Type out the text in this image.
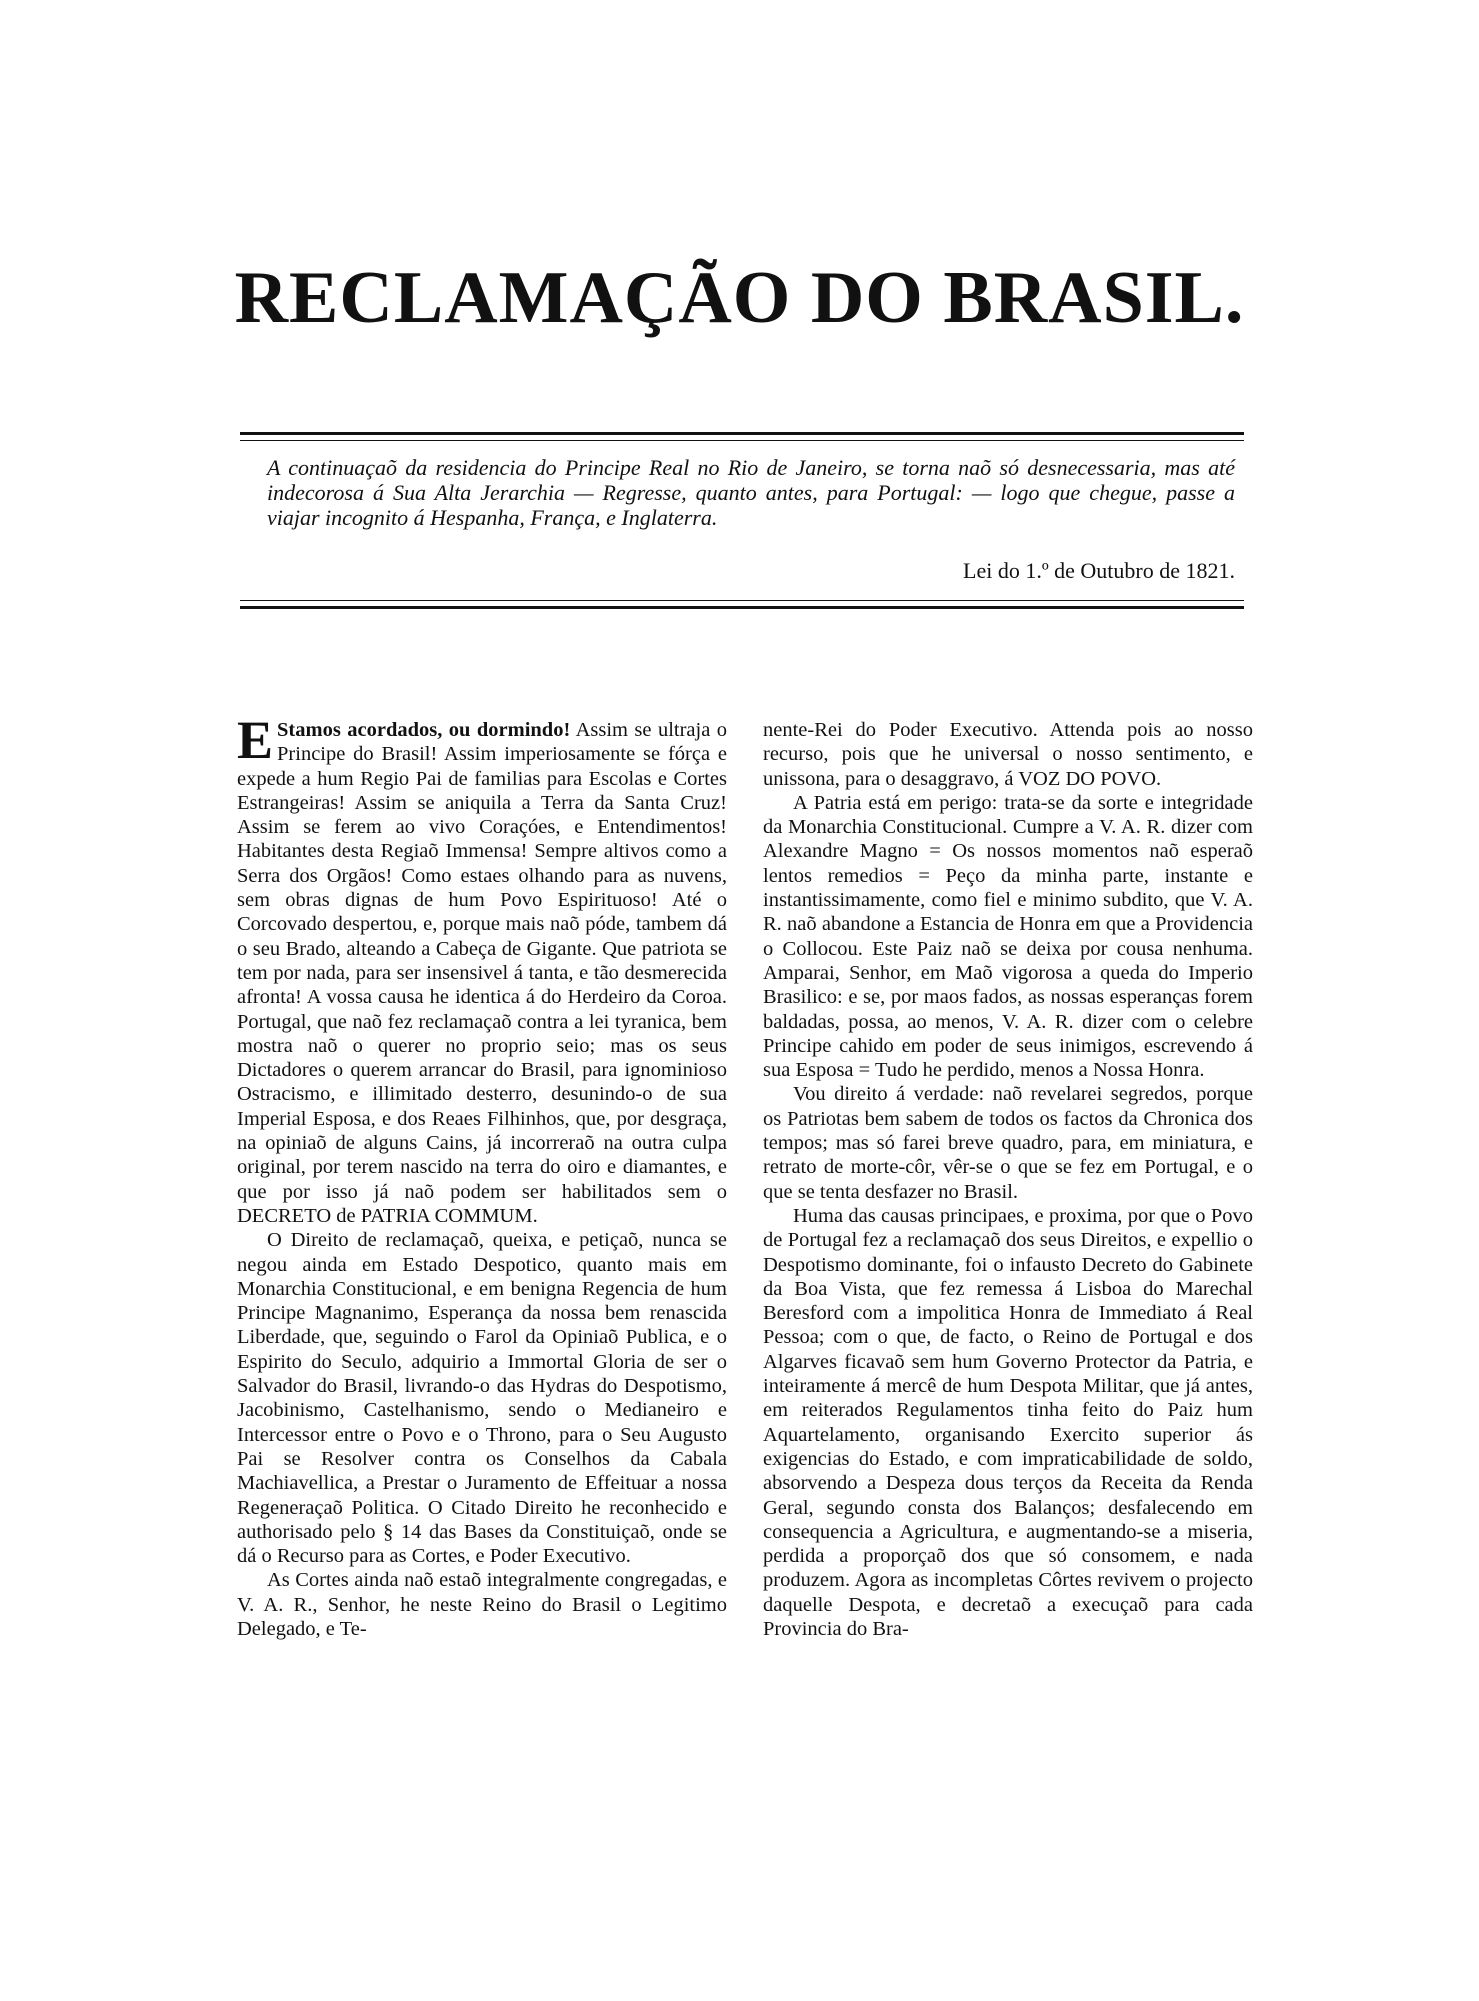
RECLAMAÇÃO DO BRASIL.

A continuaçaõ da residencia do Principe Real no Rio de Janeiro, se torna naõ só desnecessaria, mas até indecorosa á Sua Alta Jerarchia — Regresse, quanto antes, para Portugal: — logo que chegue, passe a viajar incognito á Hespanha, França, e Inglaterra.

Lei do 1.º de Outubro de 1821.

E Stamos acordados, ou dormindo! Assim se ultraja o Principe do Brasil! Assim imperiosamente se fórça e expede a hum Regio Pai de familias para Escolas e Cortes Estrangeiras! Assim se aniquila a Terra da Santa Cruz! Assim se ferem ao vivo Coraçóes, e Entendimentos! Habitantes desta Regiaõ Immensa! Sempre altivos como a Serra dos Orgãos! Como estaes olhando para as nuvens, sem obras dignas de hum Povo Espirituoso! Até o Corcovado despertou, e, porque mais naõ póde, tambem dá o seu Brado, alteando a Cabeça de Gigante. Que patriota se tem por nada, para ser insensivel á tanta, e tão desmerecida afronta! A vossa causa he identica á do Herdeiro da Coroa. Portugal, que naõ fez reclamaçaõ contra a lei tyranica, bem mostra naõ o querer no proprio seio; mas os seus Dictadores o querem arrancar do Brasil, para ignominioso Ostracismo, e illimitado desterro, desunindo-o de sua Imperial Esposa, e dos Reaes Filhinhos, que, por desgraça, na opiniaõ de alguns Cains, já incorreraõ na outra culpa original, por terem nascido na terra do oiro e diamantes, e que por isso já naõ podem ser habilitados sem o DECRETO de PATRIA COMMUM.

O Direito de reclamaçaõ, queixa, e petiçaõ, nunca se negou ainda em Estado Despotico, quanto mais em Monarchia Constitucional, e em benigna Regencia de hum Principe Magnanimo, Esperança da nossa bem renascida Liberdade, que, seguindo o Farol da Opiniaõ Publica, e o Espirito do Seculo, adquirio a Immortal Gloria de ser o Salvador do Brasil, livrando-o das Hydras do Despotismo, Jacobinismo, Castelhanismo, sendo o Medianeiro e Intercessor entre o Povo e o Throno, para o Seu Augusto Pai se Resolver contra os Conselhos da Cabala Machiavellica, a Prestar o Juramento de Effeituar a nossa Regeneraçaõ Politica. O Citado Direito he reconhecido e authorisado pelo § 14 das Bases da Constituiçaõ, onde se dá o Recurso para as Cortes, e Poder Executivo.

As Cortes ainda naõ estaõ integralmente congregadas, e V. A. R., Senhor, he neste Reino do Brasil o Legitimo Delegado, e Te-

nente-Rei do Poder Executivo. Attenda pois ao nosso recurso, pois que he universal o nosso sentimento, e unissona, para o desaggravo, á VOZ DO POVO.

A Patria está em perigo: trata-se da sorte e integridade da Monarchia Constitucional. Cumpre a V. A. R. dizer com Alexandre Magno = Os nossos momentos naõ esperaõ lentos remedios = Peço da minha parte, instante e instantissimamente, como fiel e minimo subdito, que V. A. R. naõ abandone a Estancia de Honra em que a Providencia o Collocou. Este Paiz naõ se deixa por cousa nenhuma. Amparai, Senhor, em Maõ vigorosa a queda do Imperio Brasilico: e se, por maos fados, as nossas esperanças forem baldadas, possa, ao menos, V. A. R. dizer com o celebre Principe cahido em poder de seus inimigos, escrevendo á sua Esposa = Tudo he perdido, menos a Nossa Honra.

Vou direito á verdade: naõ revelarei segredos, porque os Patriotas bem sabem de todos os factos da Chronica dos tempos; mas só farei breve quadro, para, em miniatura, e retrato de morte-côr, vêr-se o que se fez em Portugal, e o que se tenta desfazer no Brasil.

Huma das causas principaes, e proxima, por que o Povo de Portugal fez a reclamaçaõ dos seus Direitos, e expellio o Despotismo dominante, foi o infausto Decreto do Gabinete da Boa Vista, que fez remessa á Lisboa do Marechal Beresford com a impolitica Honra de Immediato á Real Pessoa; com o que, de facto, o Reino de Portugal e dos Algarves ficavaõ sem hum Governo Protector da Patria, e inteiramente á mercê de hum Despota Militar, que já antes, em reiterados Regulamentos tinha feito do Paiz hum Aquartelamento, organisando Exercito superior ás exigencias do Estado, e com impraticabilidade de soldo, absorvendo a Despeza dous terços da Receita da Renda Geral, segundo consta dos Balanços; desfalecendo em consequencia a Agricultura, e augmentando-se a miseria, perdida a proporçaõ dos que só consomem, e nada produzem. Agora as incompletas Côrtes revivem o projecto daquelle Despota, e decretaõ a execuçaõ para cada Provincia do Bra-
